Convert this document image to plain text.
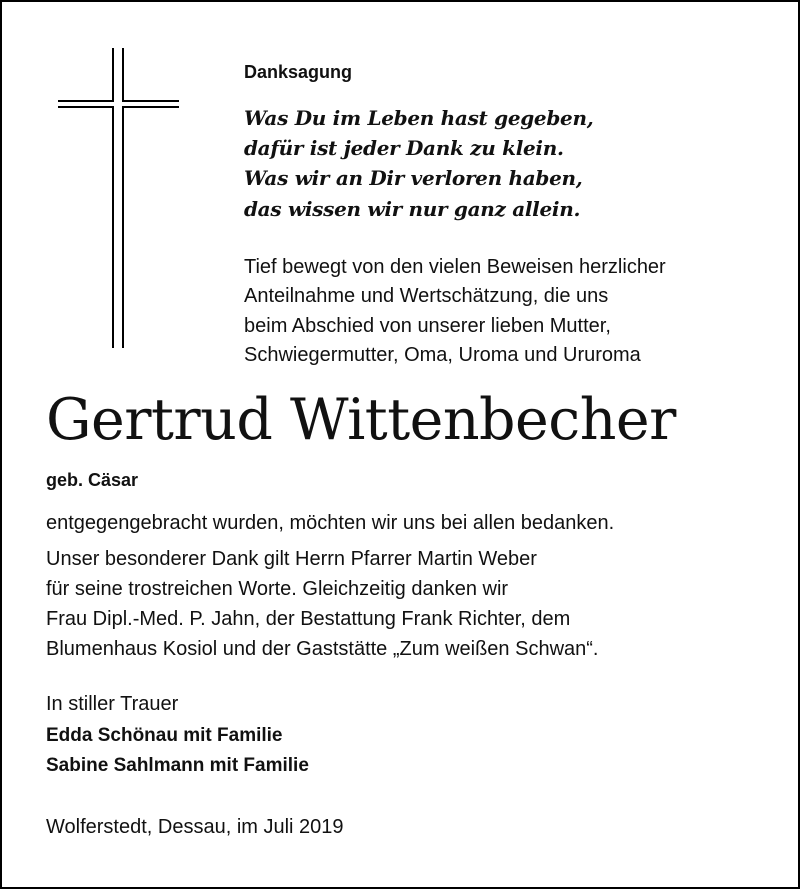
Danksagung
Was Du im Leben hast gegeben,
dafür ist jeder Dank zu klein.
Was wir an Dir verloren haben,
das wissen wir nur ganz allein.
Tief bewegt von den vielen Beweisen herzlicher
Anteilnahme und Wertschätzung, die uns
beim Abschied von unserer lieben Mutter,
Schwiegermutter, Oma, Uroma und Ururoma
Gertrud Wittenbecher
geb. Cäsar
entgegengebracht wurden, möchten wir uns bei allen bedanken.
Unser besonderer Dank gilt Herrn Pfarrer Martin Weber
für seine trostreichen Worte. Gleichzeitig danken wir
Frau Dipl.-Med. P. Jahn, der Bestattung Frank Richter, dem
Blumenhaus Kosiol und der Gaststätte „Zum weißen Schwan“.
In stiller Trauer
Edda Schönau mit Familie
Sabine Sahlmann mit Familie
Wolferstedt, Dessau, im Juli 2019
